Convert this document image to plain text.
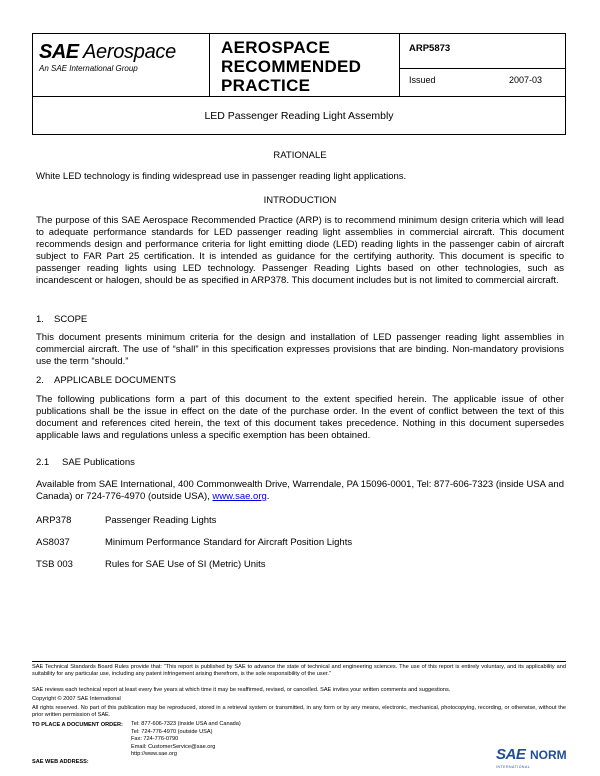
SAE Aerospace
An SAE International Group
AEROSPACE
RECOMMENDED
PRACTICE
ARP5873
Issued	2007-03
LED Passenger Reading Light Assembly
RATIONALE
White LED technology is finding widespread use in passenger reading light applications.
INTRODUCTION
The purpose of this SAE Aerospace Recommended Practice (ARP) is to recommend minimum design criteria which will lead to adequate performance standards for LED passenger reading light assemblies in commercial aircraft. This document recommends design and performance criteria for light emitting diode (LED) reading lights in the passenger cabin of aircraft subject to FAR Part 25 certification. It is intended as guidance for the certifying authority. This document is specific to passenger reading lights using LED technology. Passenger Reading Lights based on other technologies, such as incandescent or halogen, should be as specified in ARP378. This document includes but is not limited to commercial aircraft.
1. SCOPE
This document presents minimum criteria for the design and installation of LED passenger reading light assemblies in commercial aircraft. The use of “shall” in this specification expresses provisions that are binding. Non-mandatory provisions use the term “should.”
2. APPLICABLE DOCUMENTS
The following publications form a part of this document to the extent specified herein. The applicable issue of other publications shall be the issue in effect on the date of the purchase order. In the event of conflict between the text of this document and references cited herein, the text of this document takes precedence. Nothing in this document supersedes applicable laws and regulations unless a specific exemption has been obtained.
2.1 SAE Publications
Available from SAE International, 400 Commonwealth Drive, Warrendale, PA 15096-0001, Tel: 877-606-7323 (inside USA and Canada) or 724-776-4970 (outside USA), www.sae.org.
ARP378	Passenger Reading Lights
AS8037	Minimum Performance Standard for Aircraft Position Lights
TSB 003	Rules for SAE Use of SI (Metric) Units
SAE Technical Standards Board Rules provide that: “This report is published by SAE to advance the state of technical and engineering sciences. The use of this report is entirely voluntary, and its applicability and suitability for any particular use, including any patent infringement arising therefrom, is the sole responsibility of the user.”
SAE reviews each technical report at least every five years at which time it may be reaffirmed, revised, or cancelled. SAE invites your written comments and suggestions.
Copyright © 2007 SAE International
All rights reserved. No part of this publication may be reproduced, stored in a retrieval system or transmitted, in any form or by any means, electronic, mechanical, photocopying, recording, or otherwise, without the prior written permission of SAE.
TO PLACE A DOCUMENT ORDER: Tel: 877-606-7323 (inside USA and Canada)
Tel: 724-776-4970 (outside USA)
Fax: 724-776-0790
Email: CustomerService@sae.org
http://www.sae.org
SAE WEB ADDRESS:	SAE NORM
INTERNATIONAL
